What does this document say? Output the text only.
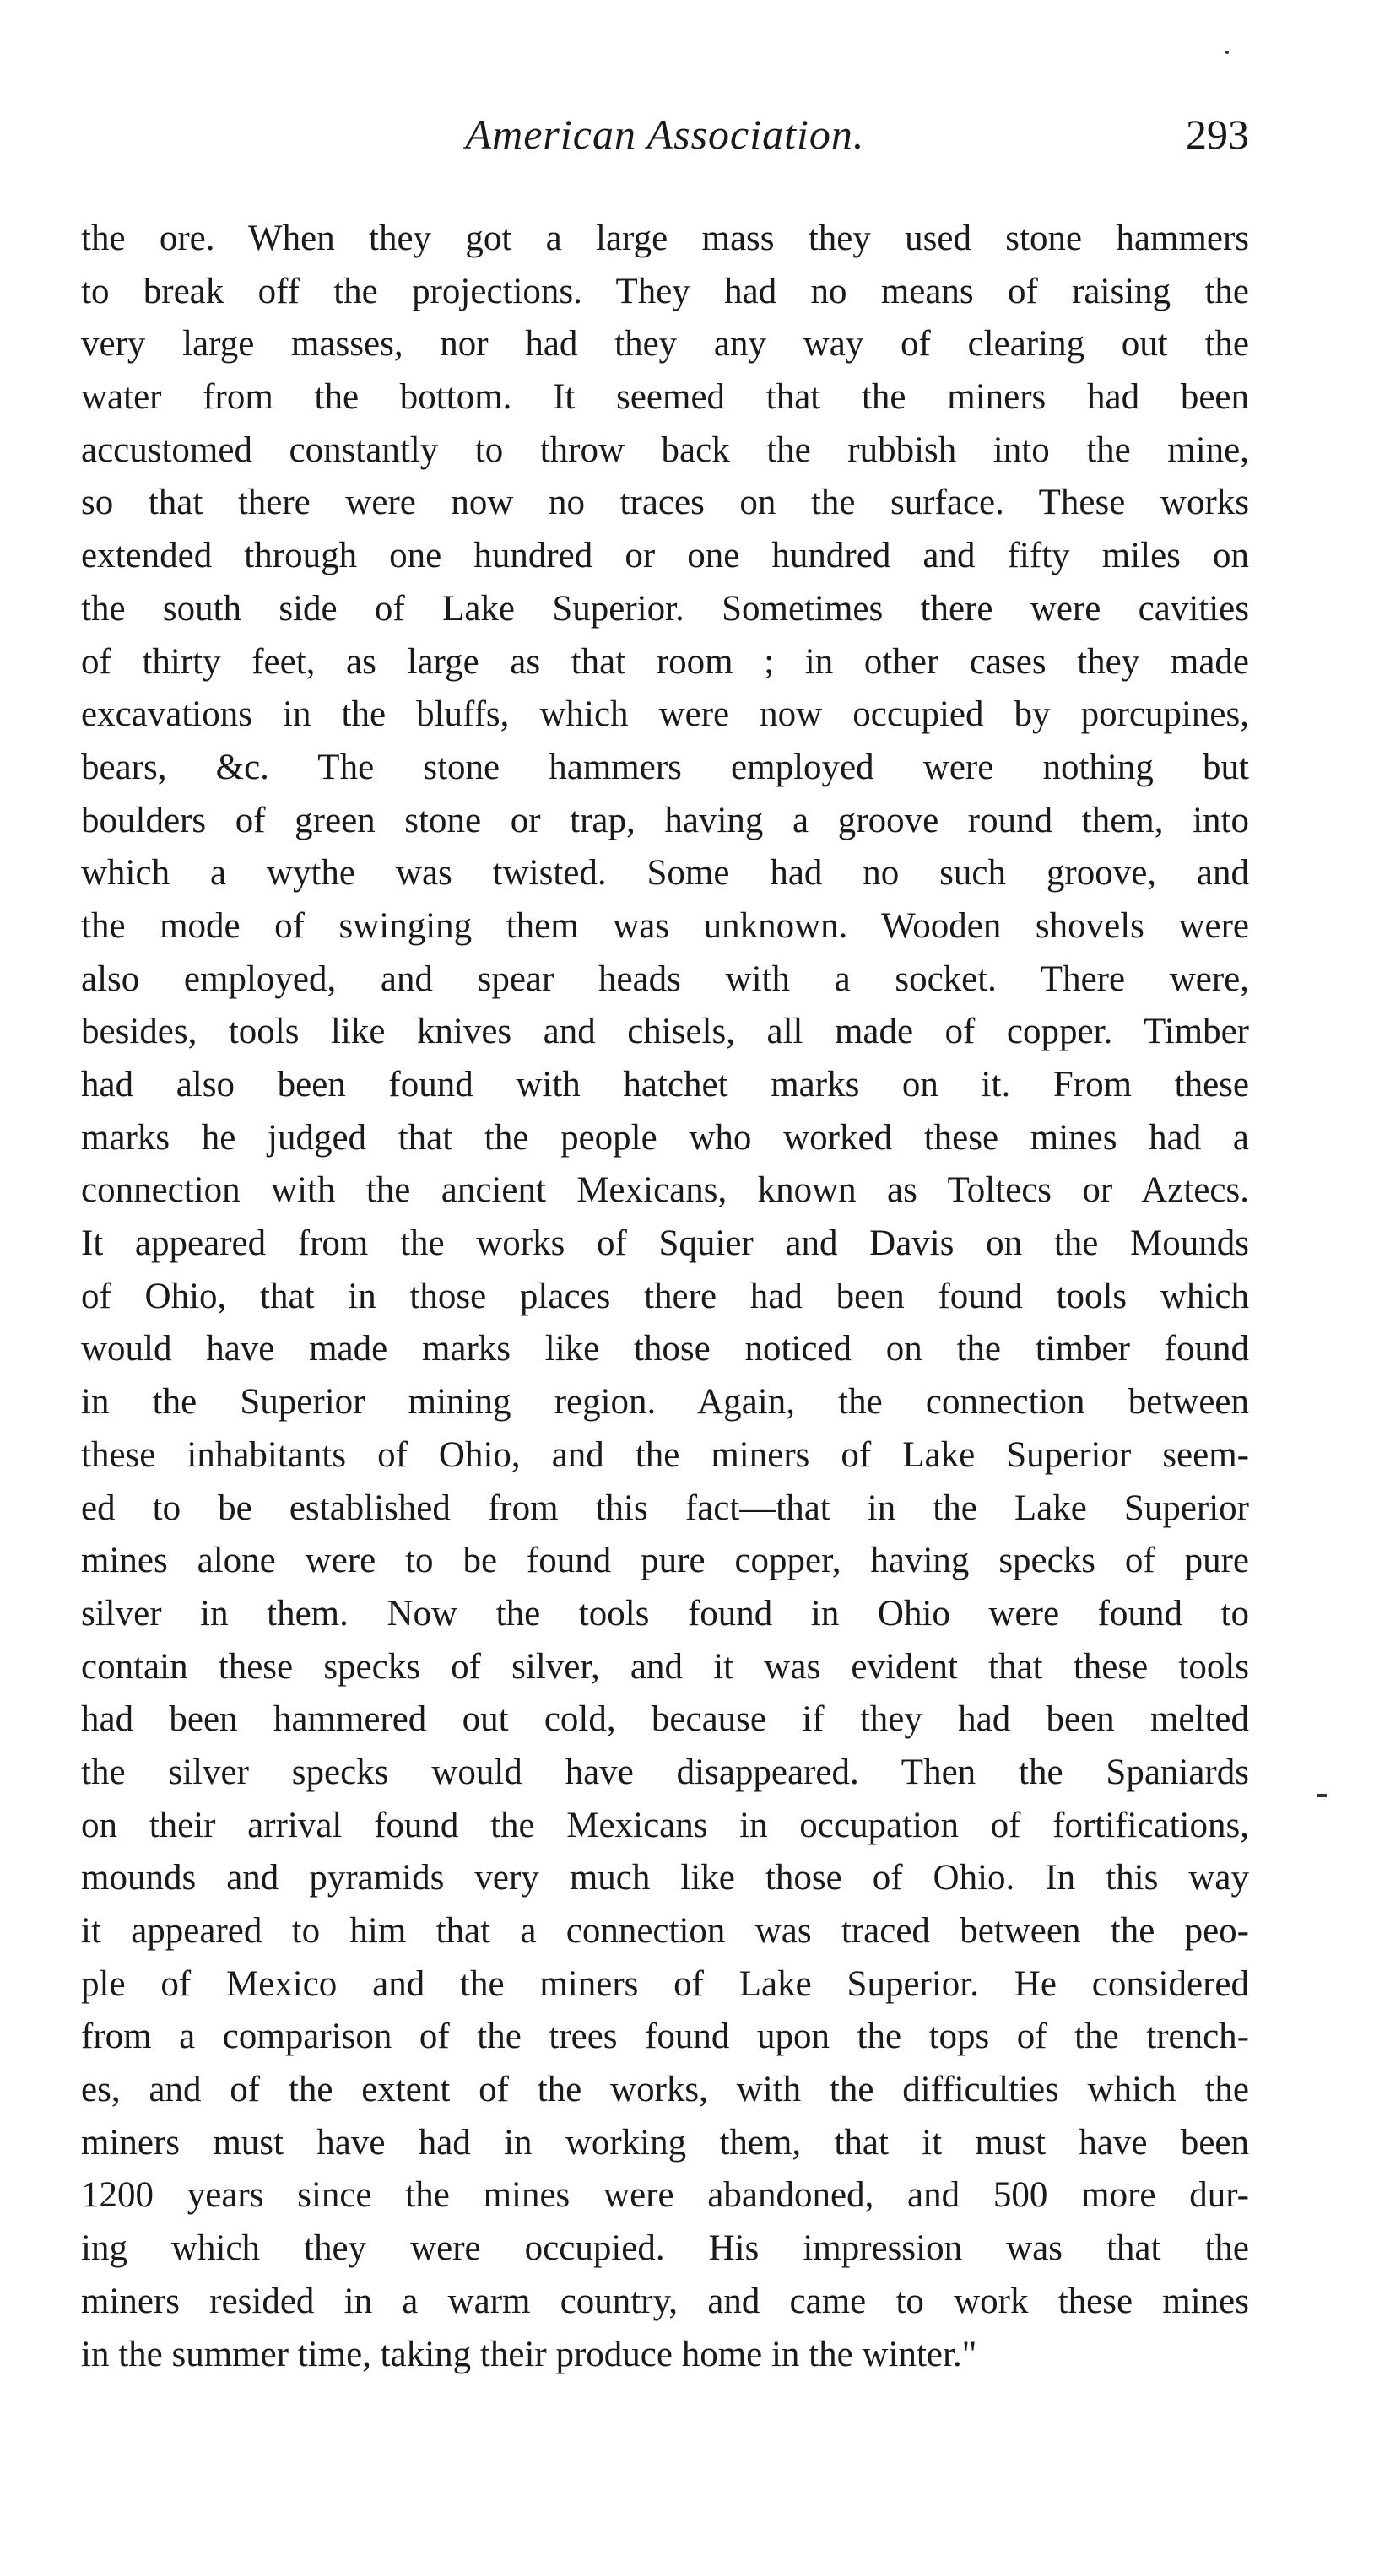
American Association.	293
the ore. When they got a large mass they used stone hammers
to break off the projections. They had no means of raising the
very large masses, nor had they any way of clearing out the
water from the bottom. It seemed that the miners had been
accustomed constantly to throw back the rubbish into the mine,
so that there were now no traces on the surface. These works
extended through one hundred or one hundred and fifty miles on
the south side of Lake Superior. Sometimes there were cavities
of thirty feet, as large as that room ; in other cases they made
excavations in the bluffs, which were now occupied by porcupines,
bears, &c. The stone hammers employed were nothing but
boulders of green stone or trap, having a groove round them, into
which a wythe was twisted. Some had no such groove, and
the mode of swinging them was unknown. Wooden shovels were
also employed, and spear heads with a socket. There were,
besides, tools like knives and chisels, all made of copper. Timber
had also been found with hatchet marks on it. From these
marks he judged that the people who worked these mines had a
connection with the ancient Mexicans, known as Toltecs or Aztecs.
It appeared from the works of Squier and Davis on the Mounds
of Ohio, that in those places there had been found tools which
would have made marks like those noticed on the timber found
in the Superior mining region. Again, the connection between
these inhabitants of Ohio, and the miners of Lake Superior seem-
ed to be established from this fact—that in the Lake Superior
mines alone were to be found pure copper, having specks of pure
silver in them. Now the tools found in Ohio were found to
contain these specks of silver, and it was evident that these tools
had been hammered out cold, because if they had been melted
the silver specks would have disappeared. Then the Spaniards
on their arrival found the Mexicans in occupation of fortifications,
mounds and pyramids very much like those of Ohio. In this way
it appeared to him that a connection was traced between the peo-
ple of Mexico and the miners of Lake Superior. He considered
from a comparison of the trees found upon the tops of the trench-
es, and of the extent of the works, with the difficulties which the
miners must have had in working them, that it must have been
1200 years since the mines were abandoned, and 500 more dur-
ing which they were occupied. His impression was that the
miners resided in a warm country, and came to work these mines
in the summer time, taking their produce home in the winter."
